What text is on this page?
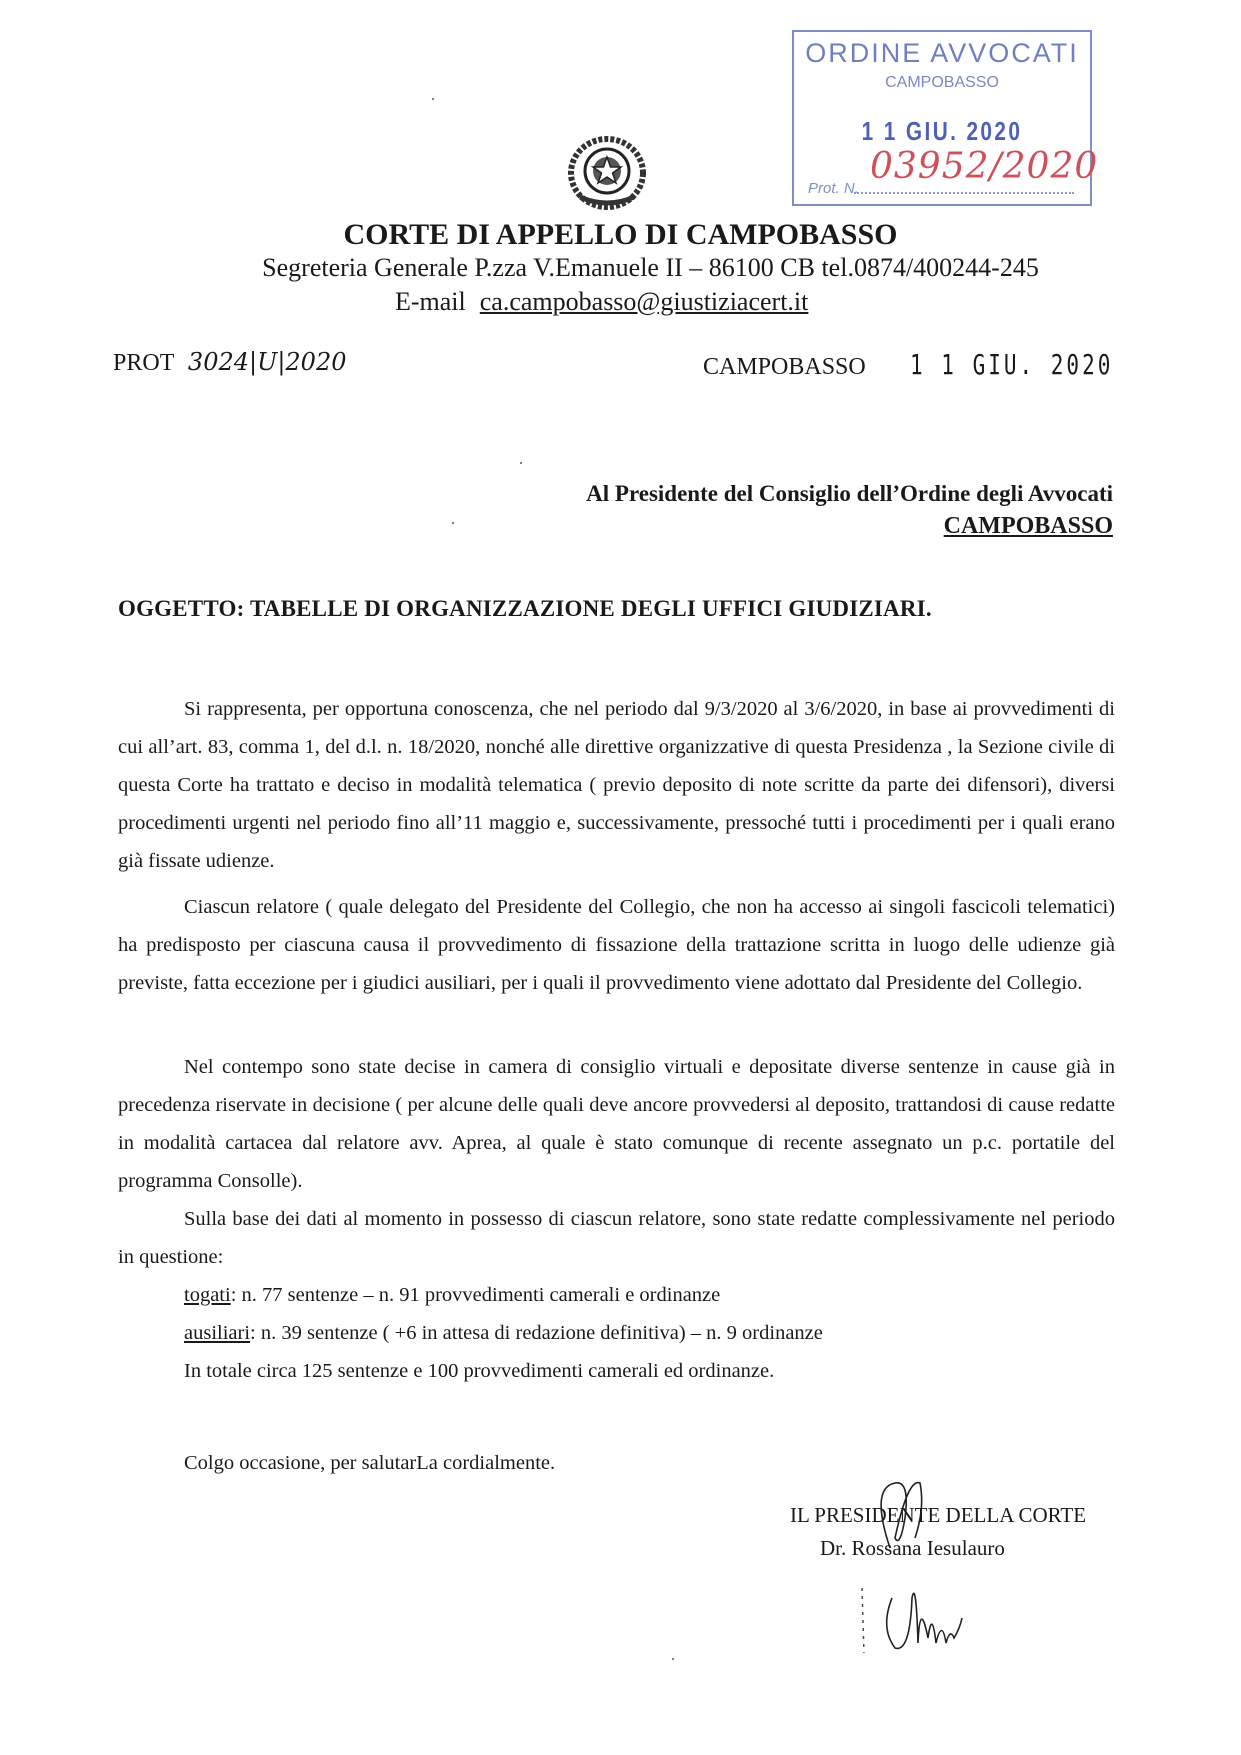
ORDINE AVVOCATI
CAMPOBASSO
1 1 GIU. 2020
Prot. N.
03952/2020
CORTE DI APPELLO DI CAMPOBASSO
Segreteria Generale P.zza V.Emanuele II – 86100 CB tel.0874/400244-245
E-mail ca.campobasso@giustiziacert.it
PROT 3024|U|2020	CAMPOBASSO 1 1 GIU. 2020
Al Presidente del Consiglio dell’Ordine degli Avvocati
CAMPOBASSO
OGGETTO: TABELLE DI ORGANIZZAZIONE DEGLI UFFICI GIUDIZIARI.

Si rappresenta, per opportuna conoscenza, che nel periodo dal 9/3/2020 al 3/6/2020, in base ai provvedimenti di cui all’art. 83, comma 1, del d.l. n. 18/2020, nonché alle direttive organizzative di questa Presidenza , la Sezione civile di questa Corte ha trattato e deciso in modalità telematica ( previo deposito di note scritte da parte dei difensori), diversi procedimenti urgenti nel periodo fino all’11 maggio e, successivamente, pressoché tutti i procedimenti per i quali erano già fissate udienze.

Ciascun relatore ( quale delegato del Presidente del Collegio, che non ha accesso ai singoli fascicoli telematici) ha predisposto per ciascuna causa il provvedimento di fissazione della trattazione scritta in luogo delle udienze già previste, fatta eccezione per i giudici ausiliari, per i quali il provvedimento viene adottato dal Presidente del Collegio.

Nel contempo sono state decise in camera di consiglio virtuali e depositate diverse sentenze in cause già in precedenza riservate in decisione ( per alcune delle quali deve ancore provvedersi al deposito, trattandosi di cause redatte in modalità cartacea dal relatore avv. Aprea, al quale è stato comunque di recente assegnato un p.c. portatile del programma Consolle).

Sulla base dei dati al momento in possesso di ciascun relatore, sono state redatte complessivamente nel periodo in questione:

togati: n. 77 sentenze – n. 91 provvedimenti camerali e ordinanze
ausiliari: n. 39 sentenze ( +6 in attesa di redazione definitiva) – n. 9 ordinanze
In totale circa 125 sentenze e 100 provvedimenti camerali ed ordinanze.
Colgo occasione, per salutarLa cordialmente.
IL PRESIDENTE DELLA CORTE
Dr. Rossana Iesulauro
